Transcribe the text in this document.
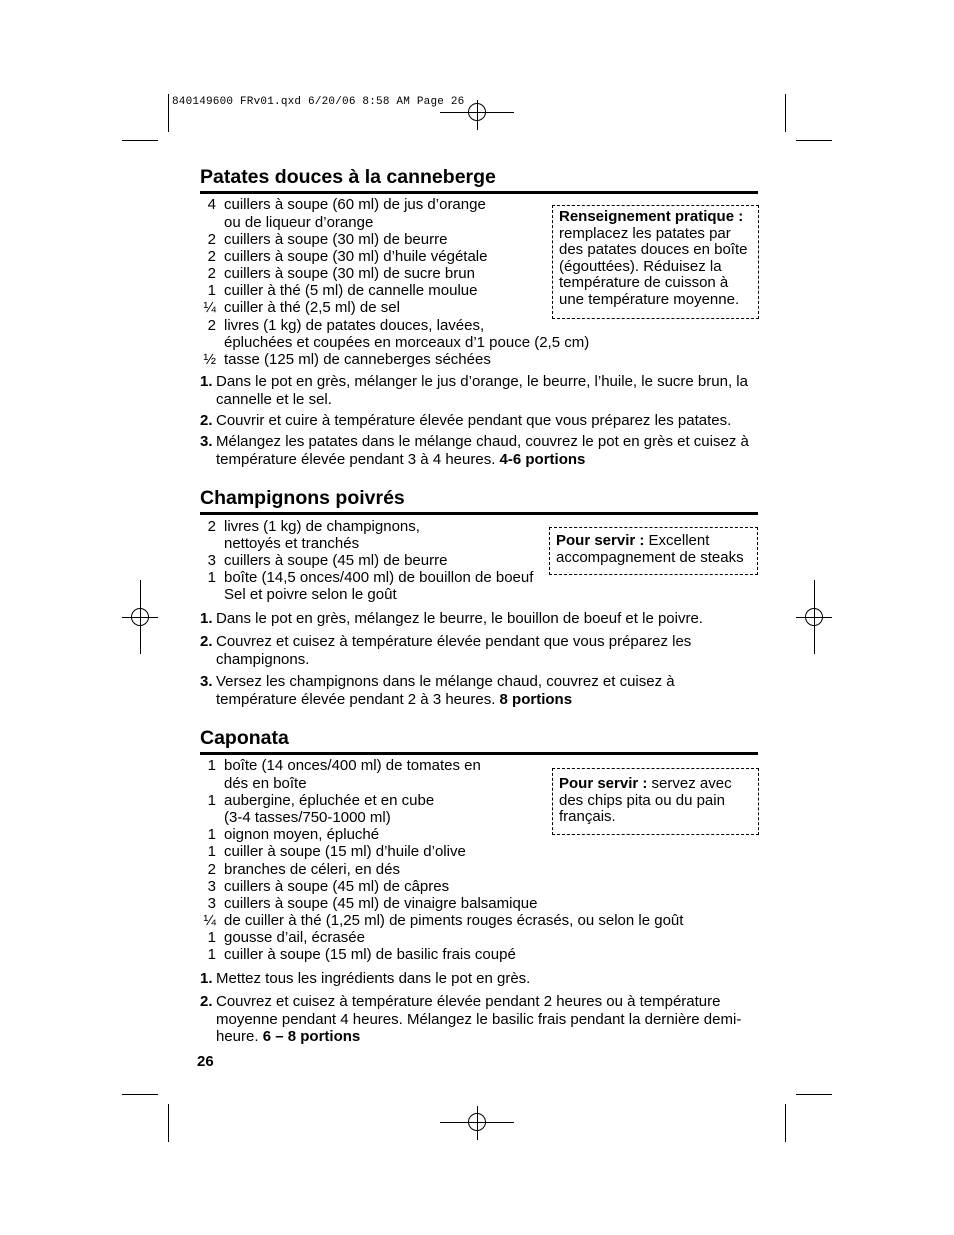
840149600 FRv01.qxd 6/20/06 8:58 AM Page 26
Patates douces à la canneberge
4 cuillers à soupe (60 ml) de jus d’orange
ou de liqueur d’orange
2 cuillers à soupe (30 ml) de beurre
2 cuillers à soupe (30 ml) d’huile végétale
2 cuillers à soupe (30 ml) de sucre brun
1 cuiller à thé (5 ml) de cannelle moulue
¼ cuiller à thé (2,5 ml) de sel
2 livres (1 kg) de patates douces, lavées,
épluchées et coupées en morceaux d’1 pouce (2,5 cm)
½ tasse (125 ml) de canneberges séchées
Renseignement pratique : remplacez les patates par des patates douces en boîte (égouttées). Réduisez la température de cuisson à une température moyenne.
1. Dans le pot en grès, mélanger le jus d’orange, le beurre, l’huile, le sucre brun, la cannelle et le sel.
2. Couvrir et cuire à température élevée pendant que vous préparez les patates.
3. Mélangez les patates dans le mélange chaud, couvrez le pot en grès et cuisez à température élevée pendant 3 à 4 heures. 4-6 portions
Champignons poivrés
2 livres (1 kg) de champignons,
nettoyés et tranchés
3 cuillers à soupe (45 ml) de beurre
1 boîte (14,5 onces/400 ml) de bouillon de boeuf
Sel et poivre selon le goût
Pour servir : Excellent accompagnement de steaks
1. Dans le pot en grès, mélangez le beurre, le bouillon de boeuf et le poivre.
2. Couvrez et cuisez à température élevée pendant que vous préparez les champignons.
3. Versez les champignons dans le mélange chaud, couvrez et cuisez à température élevée pendant 2 à 3 heures. 8 portions
Caponata
1 boîte (14 onces/400 ml) de tomates en
dés en boîte
1 aubergine, épluchée et en cube
(3-4 tasses/750-1000 ml)
1 oignon moyen, épluché
1 cuiller à soupe (15 ml) d’huile d’olive
2 branches de céleri, en dés
3 cuillers à soupe (45 ml) de câpres
3 cuillers à soupe (45 ml) de vinaigre balsamique
¼ de cuiller à thé (1,25 ml) de piments rouges écrasés, ou selon le goût
1 gousse d’ail, écrasée
1 cuiller à soupe (15 ml) de basilic frais coupé
Pour servir : servez avec des chips pita ou du pain français.
1. Mettez tous les ingrédients dans le pot en grès.
2. Couvrez et cuisez à température élevée pendant 2 heures ou à température moyenne pendant 4 heures. Mélangez le basilic frais pendant la dernière demi-heure. 6 – 8 portions
26
